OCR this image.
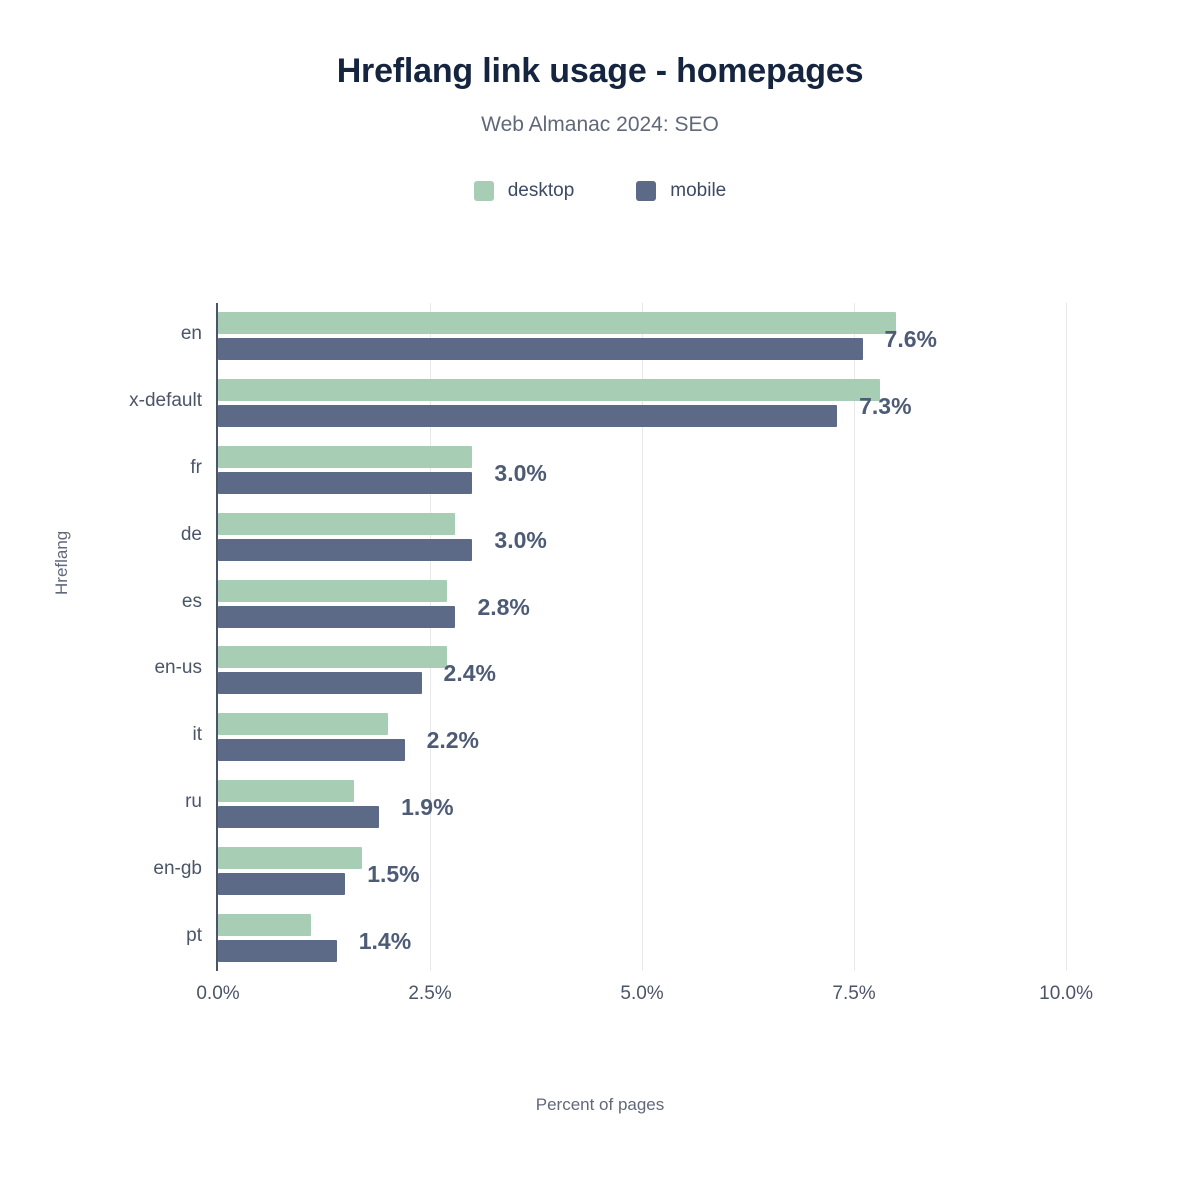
Hreflang link usage - homepages
Web Almanac 2024: SEO
desktop	mobile
Hreflang
Percent of pages
0.0%	2.5%	5.0%	7.5%	10.0%
7.6%
en
7.3%
x-default
3.0%
fr
3.0%
de
2.8%
es
2.4%
en-us
2.2%
it
1.9%
ru
1.5%
en-gb
1.4%
pt
